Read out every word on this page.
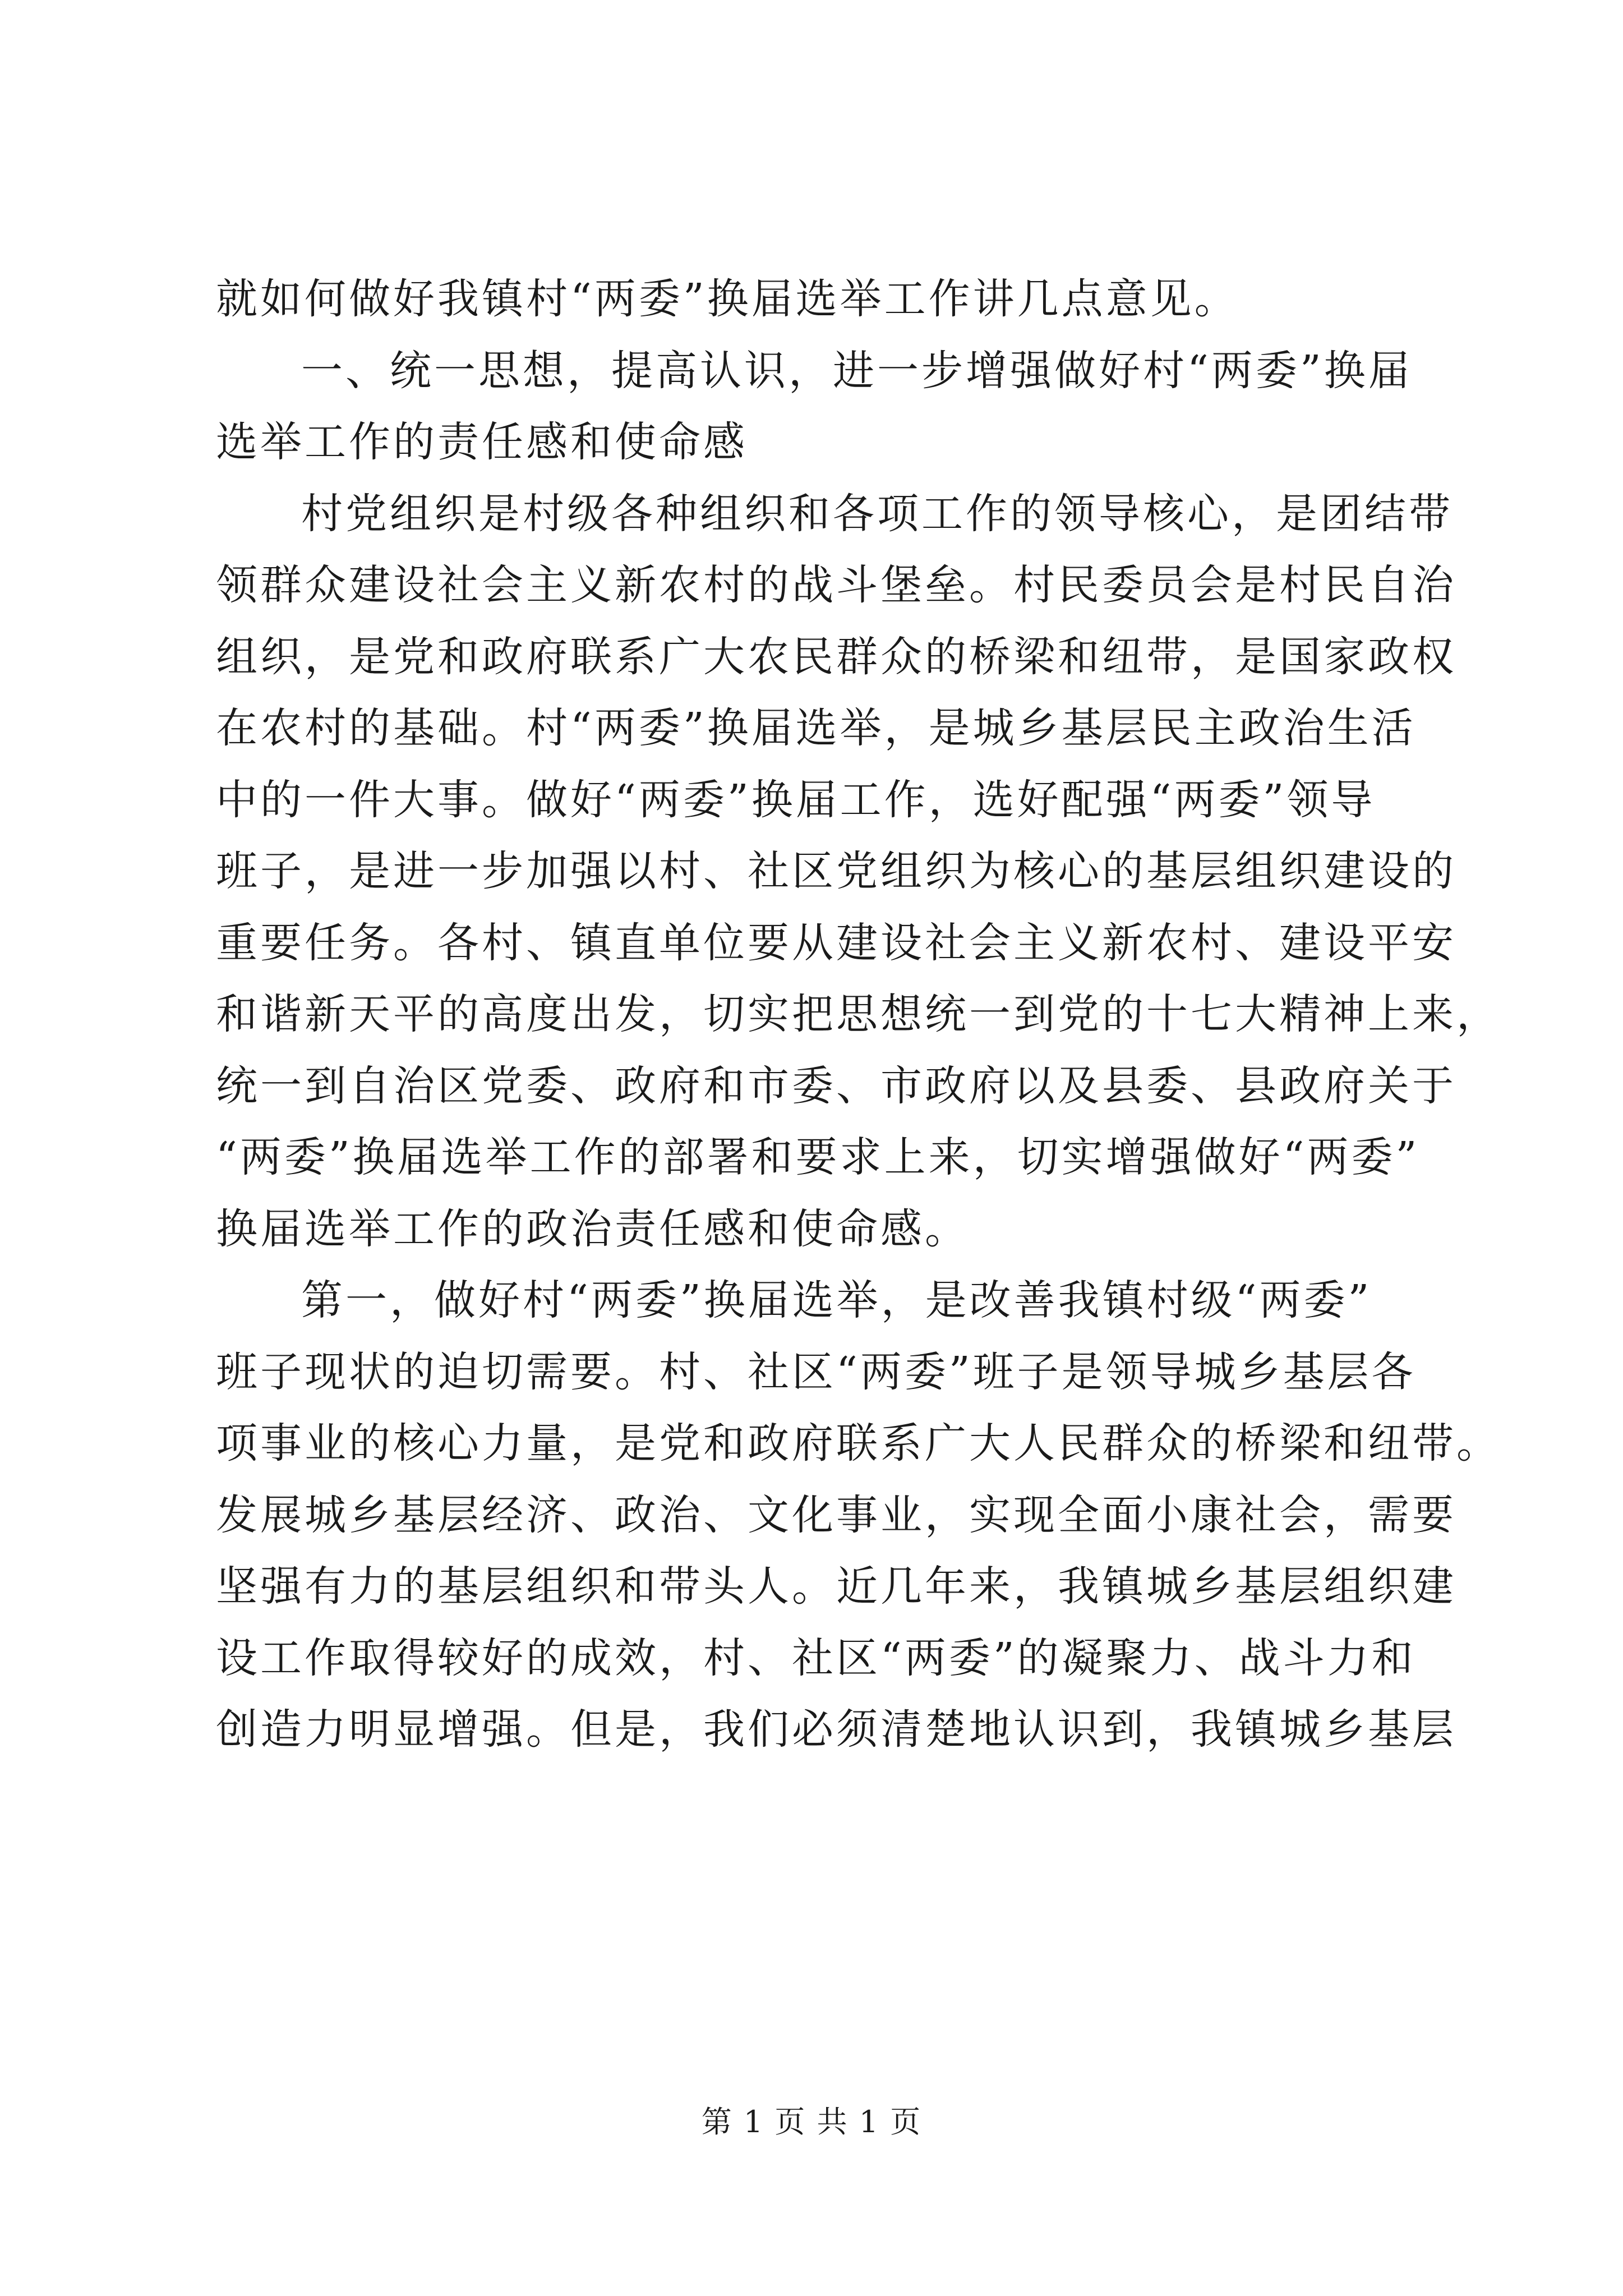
就如何做好我镇村“两委”换届选举工作讲几点意见。
一、统一思想，提高认识，进一步增强做好村“两委”换届
选举工作的责任感和使命感
村党组织是村级各种组织和各项工作的领导核心，是团结带
领群众建设社会主义新农村的战斗堡垒。村民委员会是村民自治
组织，是党和政府联系广大农民群众的桥梁和纽带，是国家政权
在农村的基础。村“两委”换届选举，是城乡基层民主政治生活
中的一件大事。做好“两委”换届工作，选好配强“两委”领导
班子，是进一步加强以村、社区党组织为核心的基层组织建设的
重要任务。各村、镇直单位要从建设社会主义新农村、建设平安
和谐新天平的高度出发，切实把思想统一到党的十七大精神上来，
统一到自治区党委、政府和市委、市政府以及县委、县政府关于
“两委”换届选举工作的部署和要求上来，切实增强做好“两委”
换届选举工作的政治责任感和使命感。
第一，做好村“两委”换届选举，是改善我镇村级“两委”
班子现状的迫切需要。村、社区“两委”班子是领导城乡基层各
项事业的核心力量，是党和政府联系广大人民群众的桥梁和纽带。
发展城乡基层经济、政治、文化事业，实现全面小康社会，需要
坚强有力的基层组织和带头人。近几年来，我镇城乡基层组织建
设工作取得较好的成效，村、社区“两委”的凝聚力、战斗力和
创造力明显增强。但是，我们必须清楚地认识到，我镇城乡基层
第 1 页 共 1 页
